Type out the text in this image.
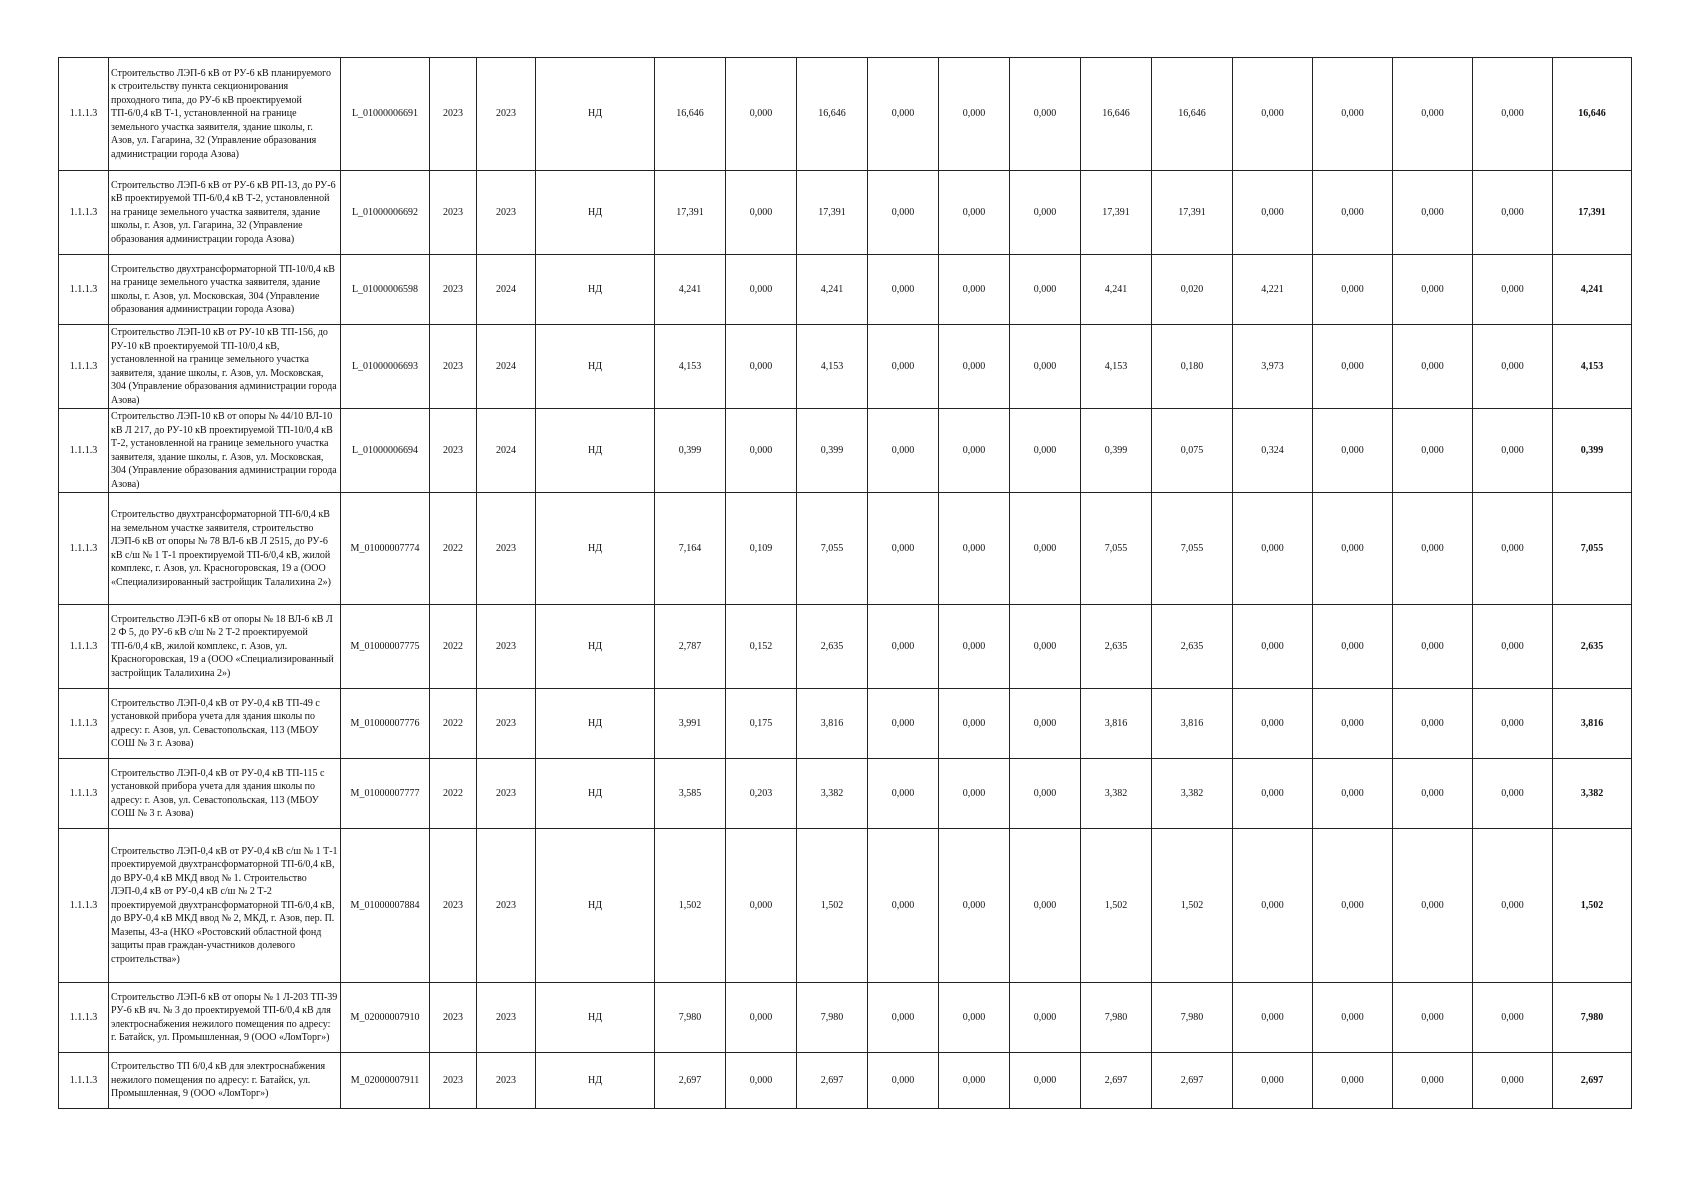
1.1.1.3	Строительство ЛЭП-6 кВ от РУ-6 кВ планируемого к строительству пункта секционирования проходного типа, до РУ-6 кВ проектируемой ТП-6/0,4 кВ Т-1, установленной на границе земельного участка заявителя, здание школы, г. Азов, ул. Гагарина, 32 (Управление образования администрации города Азова)	L_01000006691	2023	2023	НД	16,646	0,000	16,646	0,000	0,000	0,000	16,646	16,646	0,000	0,000	0,000	0,000	16,646
1.1.1.3	Строительство ЛЭП-6 кВ от РУ-6 кВ РП-13, до РУ-6 кВ проектируемой ТП-6/0,4 кВ Т-2, установленной на границе земельного участка заявителя, здание школы, г. Азов, ул. Гагарина, 32 (Управление образования администрации города Азова)	L_01000006692	2023	2023	НД	17,391	0,000	17,391	0,000	0,000	0,000	17,391	17,391	0,000	0,000	0,000	0,000	17,391
1.1.1.3	Строительство двухтрансформаторной ТП-10/0,4 кВ на границе земельного участка заявителя, здание школы, г. Азов, ул. Московская, 304 (Управление образования администрации города Азова)	L_01000006598	2023	2024	НД	4,241	0,000	4,241	0,000	0,000	0,000	4,241	0,020	4,221	0,000	0,000	0,000	4,241
1.1.1.3	Строительство ЛЭП-10 кВ от РУ-10 кВ ТП-156, до РУ-10 кВ проектируемой ТП-10/0,4 кВ, установленной на границе земельного участка заявителя, здание школы, г. Азов, ул. Московская, 304 (Управление образования администрации города Азова)	L_01000006693	2023	2024	НД	4,153	0,000	4,153	0,000	0,000	0,000	4,153	0,180	3,973	0,000	0,000	0,000	4,153
1.1.1.3	Строительство ЛЭП-10 кВ от опоры № 44/10 ВЛ-10 кВ Л 217, до РУ-10 кВ проектируемой ТП-10/0,4 кВ Т-2, установленной на границе земельного участка заявителя, здание школы, г. Азов, ул. Московская, 304 (Управление образования администрации города Азова)	L_01000006694	2023	2024	НД	0,399	0,000	0,399	0,000	0,000	0,000	0,399	0,075	0,324	0,000	0,000	0,000	0,399
1.1.1.3	Строительство двухтрансформаторной ТП-6/0,4 кВ на земельном участке заявителя, строительство ЛЭП-6 кВ от опоры № 78 ВЛ-6 кВ Л 2515, до РУ-6 кВ с/ш № 1 Т-1 проектируемой ТП-6/0,4 кВ, жилой комплекс, г. Азов, ул. Красногоровская, 19 а (ООО «Специализированный застройщик Талалихина 2»)	M_01000007774	2022	2023	НД	7,164	0,109	7,055	0,000	0,000	0,000	7,055	7,055	0,000	0,000	0,000	0,000	7,055
1.1.1.3	Строительство ЛЭП-6 кВ от опоры № 18 ВЛ-6 кВ Л 2 Ф 5, до РУ-6 кВ с/ш № 2 Т-2 проектируемой ТП-6/0,4 кВ, жилой комплекс, г. Азов, ул. Красногоровская, 19 а (ООО «Специализированный застройщик Талалихина 2»)	M_01000007775	2022	2023	НД	2,787	0,152	2,635	0,000	0,000	0,000	2,635	2,635	0,000	0,000	0,000	0,000	2,635
1.1.1.3	Строительство ЛЭП-0,4 кВ от РУ-0,4 кВ ТП-49 с установкой прибора учета для здания школы по адресу: г. Азов, ул. Севастопольская, 113 (МБОУ СОШ № 3 г. Азова)	M_01000007776	2022	2023	НД	3,991	0,175	3,816	0,000	0,000	0,000	3,816	3,816	0,000	0,000	0,000	0,000	3,816
1.1.1.3	Строительство ЛЭП-0,4 кВ от РУ-0,4 кВ ТП-115 с установкой прибора учета для здания школы по адресу: г. Азов, ул. Севастопольская, 113 (МБОУ СОШ № 3 г. Азова)	M_01000007777	2022	2023	НД	3,585	0,203	3,382	0,000	0,000	0,000	3,382	3,382	0,000	0,000	0,000	0,000	3,382
1.1.1.3	Строительство ЛЭП-0,4 кВ от РУ-0,4 кВ с/ш № 1 Т-1 проектируемой двухтрансформаторной ТП-6/0,4 кВ, до ВРУ-0,4 кВ МКД ввод № 1. Строительство ЛЭП-0,4 кВ от РУ-0,4 кВ с/ш № 2 Т-2 проектируемой двухтрансформаторной ТП-6/0,4 кВ, до ВРУ-0,4 кВ МКД ввод № 2, МКД, г. Азов, пер. П. Мазепы, 43-а (НКО «Ростовский областной фонд защиты прав граждан-участников долевого строительства»)	M_01000007884	2023	2023	НД	1,502	0,000	1,502	0,000	0,000	0,000	1,502	1,502	0,000	0,000	0,000	0,000	1,502
1.1.1.3	Строительство ЛЭП-6 кВ от опоры № 1 Л-203 ТП-39 РУ-6 кВ яч. № 3 до проектируемой ТП-6/0,4 кВ для электроснабжения нежилого помещения по адресу: г. Батайск, ул. Промышленная, 9 (ООО «ЛомТорг»)	M_02000007910	2023	2023	НД	7,980	0,000	7,980	0,000	0,000	0,000	7,980	7,980	0,000	0,000	0,000	0,000	7,980
1.1.1.3	Строительство ТП 6/0,4 кВ для электроснабжения нежилого помещения по адресу: г. Батайск, ул. Промышленная, 9 (ООО «ЛомТорг»)	M_02000007911	2023	2023	НД	2,697	0,000	2,697	0,000	0,000	0,000	2,697	2,697	0,000	0,000	0,000	0,000	2,697
